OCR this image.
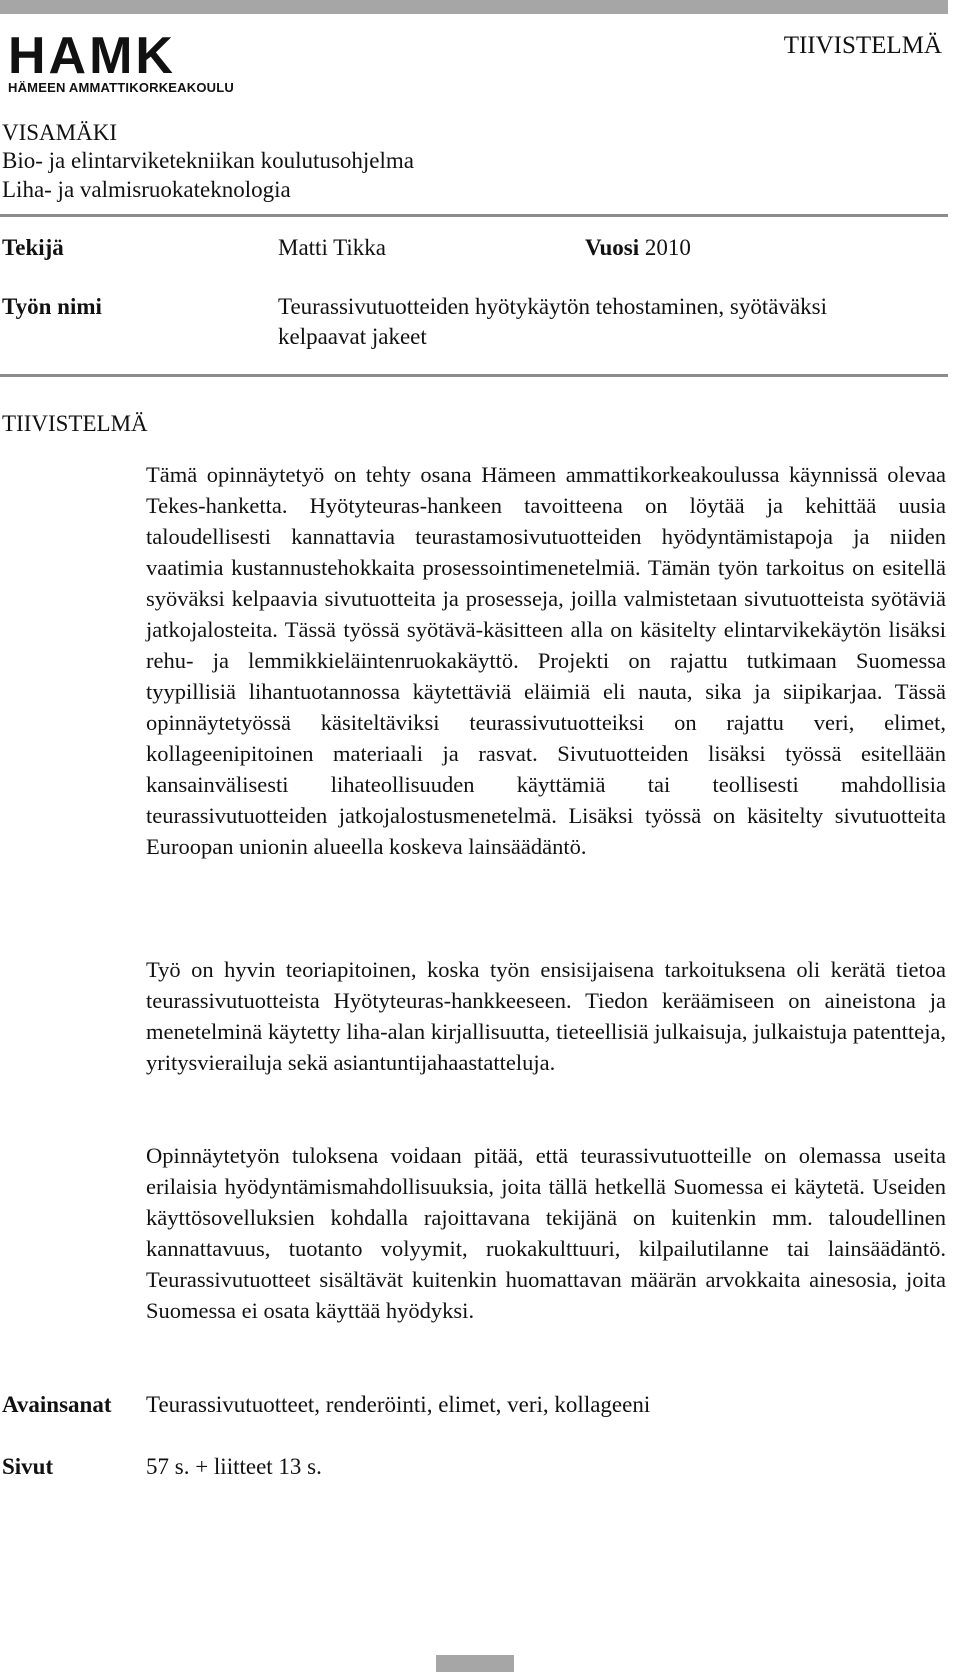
HAMK
HÄMEEN AMMATTIKORKEAKOULU
TIIVISTELMÄ
VISAMÄKI
Bio- ja elintarviketekniikan koulutusohjelma
Liha- ja valmisruokateknologia
Tekijä	Matti Tikka	Vuosi 2010
Työn nimi	Teurassivutuotteiden hyötykäytön tehostaminen, syötäväksi
kelpaavat jakeet
TIIVISTELMÄ
Tämä opinnäytetyö on tehty osana Hämeen ammattikorkeakoulussa käynnissä olevaa Tekes-hanketta. Hyötyteuras-hankeen tavoitteena on löytää ja kehittää uusia taloudellisesti kannattavia teurastamosivutuotteiden hyödyntämistapoja ja niiden vaatimia kustannustehokkaita prosessointimenetelmiä. Tämän työn tarkoitus on esitellä syöväksi kelpaavia sivutuotteita ja prosesseja, joilla valmistetaan sivutuotteista syötäviä jatkojalosteita. Tässä työssä syötävä-käsitteen alla on käsitelty elintarvikekäytön lisäksi rehu- ja lemmikkieläintenruokakäyttö. Projekti on rajattu tutkimaan Suomessa tyypillisiä lihantuotannossa käytettäviä eläimiä eli nauta, sika ja siipikarjaa. Tässä opinnäytetyössä käsiteltäviksi teurassivutuotteiksi on rajattu veri, elimet, kollageenipitoinen materiaali ja rasvat. Sivutuotteiden lisäksi työssä esitellään kansainvälisesti lihateollisuuden käyttämiä tai teollisesti mahdollisia teurassivutuotteiden jatkojalostusmenetelmä. Lisäksi työssä on käsitelty sivutuotteita Euroopan unionin alueella koskeva lainsäädäntö.
Työ on hyvin teoriapitoinen, koska työn ensisijaisena tarkoituksena oli kerätä tietoa teurassivutuotteista Hyötyteuras-hankkeeseen. Tiedon keräämiseen on aineistona ja menetelminä käytetty liha-alan kirjallisuutta, tieteellisiä julkaisuja, julkaistuja patentteja, yritysvierailuja sekä asiantuntijahaastatteluja.
Opinnäytetyön tuloksena voidaan pitää, että teurassivutuotteille on olemassa useita erilaisia hyödyntämismahdollisuuksia, joita tällä hetkellä Suomessa ei käytetä. Useiden käyttösovelluksien kohdalla rajoittavana tekijänä on kuitenkin mm. taloudellinen kannattavuus, tuotanto volyymit, ruokakulttuuri, kilpailutilanne tai lainsäädäntö. Teurassivutuotteet sisältävät kuitenkin huomattavan määrän arvokkaita ainesosia, joita Suomessa ei osata käyttää hyödyksi.
Avainsanat Teurassivutuotteet, renderöinti, elimet, veri, kollageeni
Sivut	57 s. + liitteet 13 s.
